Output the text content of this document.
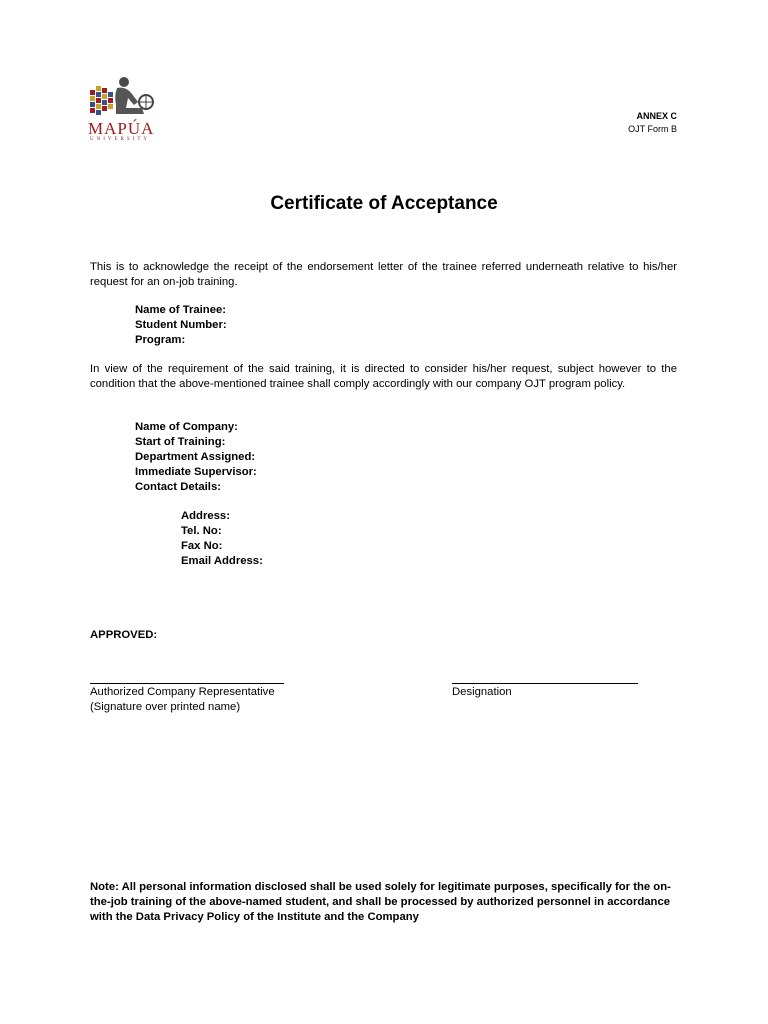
MAPÚA
UNIVERSITY
ANNEX C
OJT Form B
Certificate of Acceptance
This is to acknowledge the receipt of the endorsement letter of the trainee referred underneath relative to his/her request for an on-job training.
Name of Trainee:
Student Number:
Program:
In view of the requirement of the said training, it is directed to consider his/her request, subject however to the condition that the above-mentioned trainee shall comply accordingly with our company OJT program policy.
Name of Company:
Start of Training:
Department Assigned:
Immediate Supervisor:
Contact Details:
Address:
Tel. No:
Fax No:
Email Address:
APPROVED:
Authorized Company Representative
(Signature over printed name)
Designation
Note: All personal information disclosed shall be used solely for legitimate purposes, specifically for the on-the-job training of the above-named student, and shall be processed by authorized personnel in accordance with the Data Privacy Policy of the Institute and the Company
